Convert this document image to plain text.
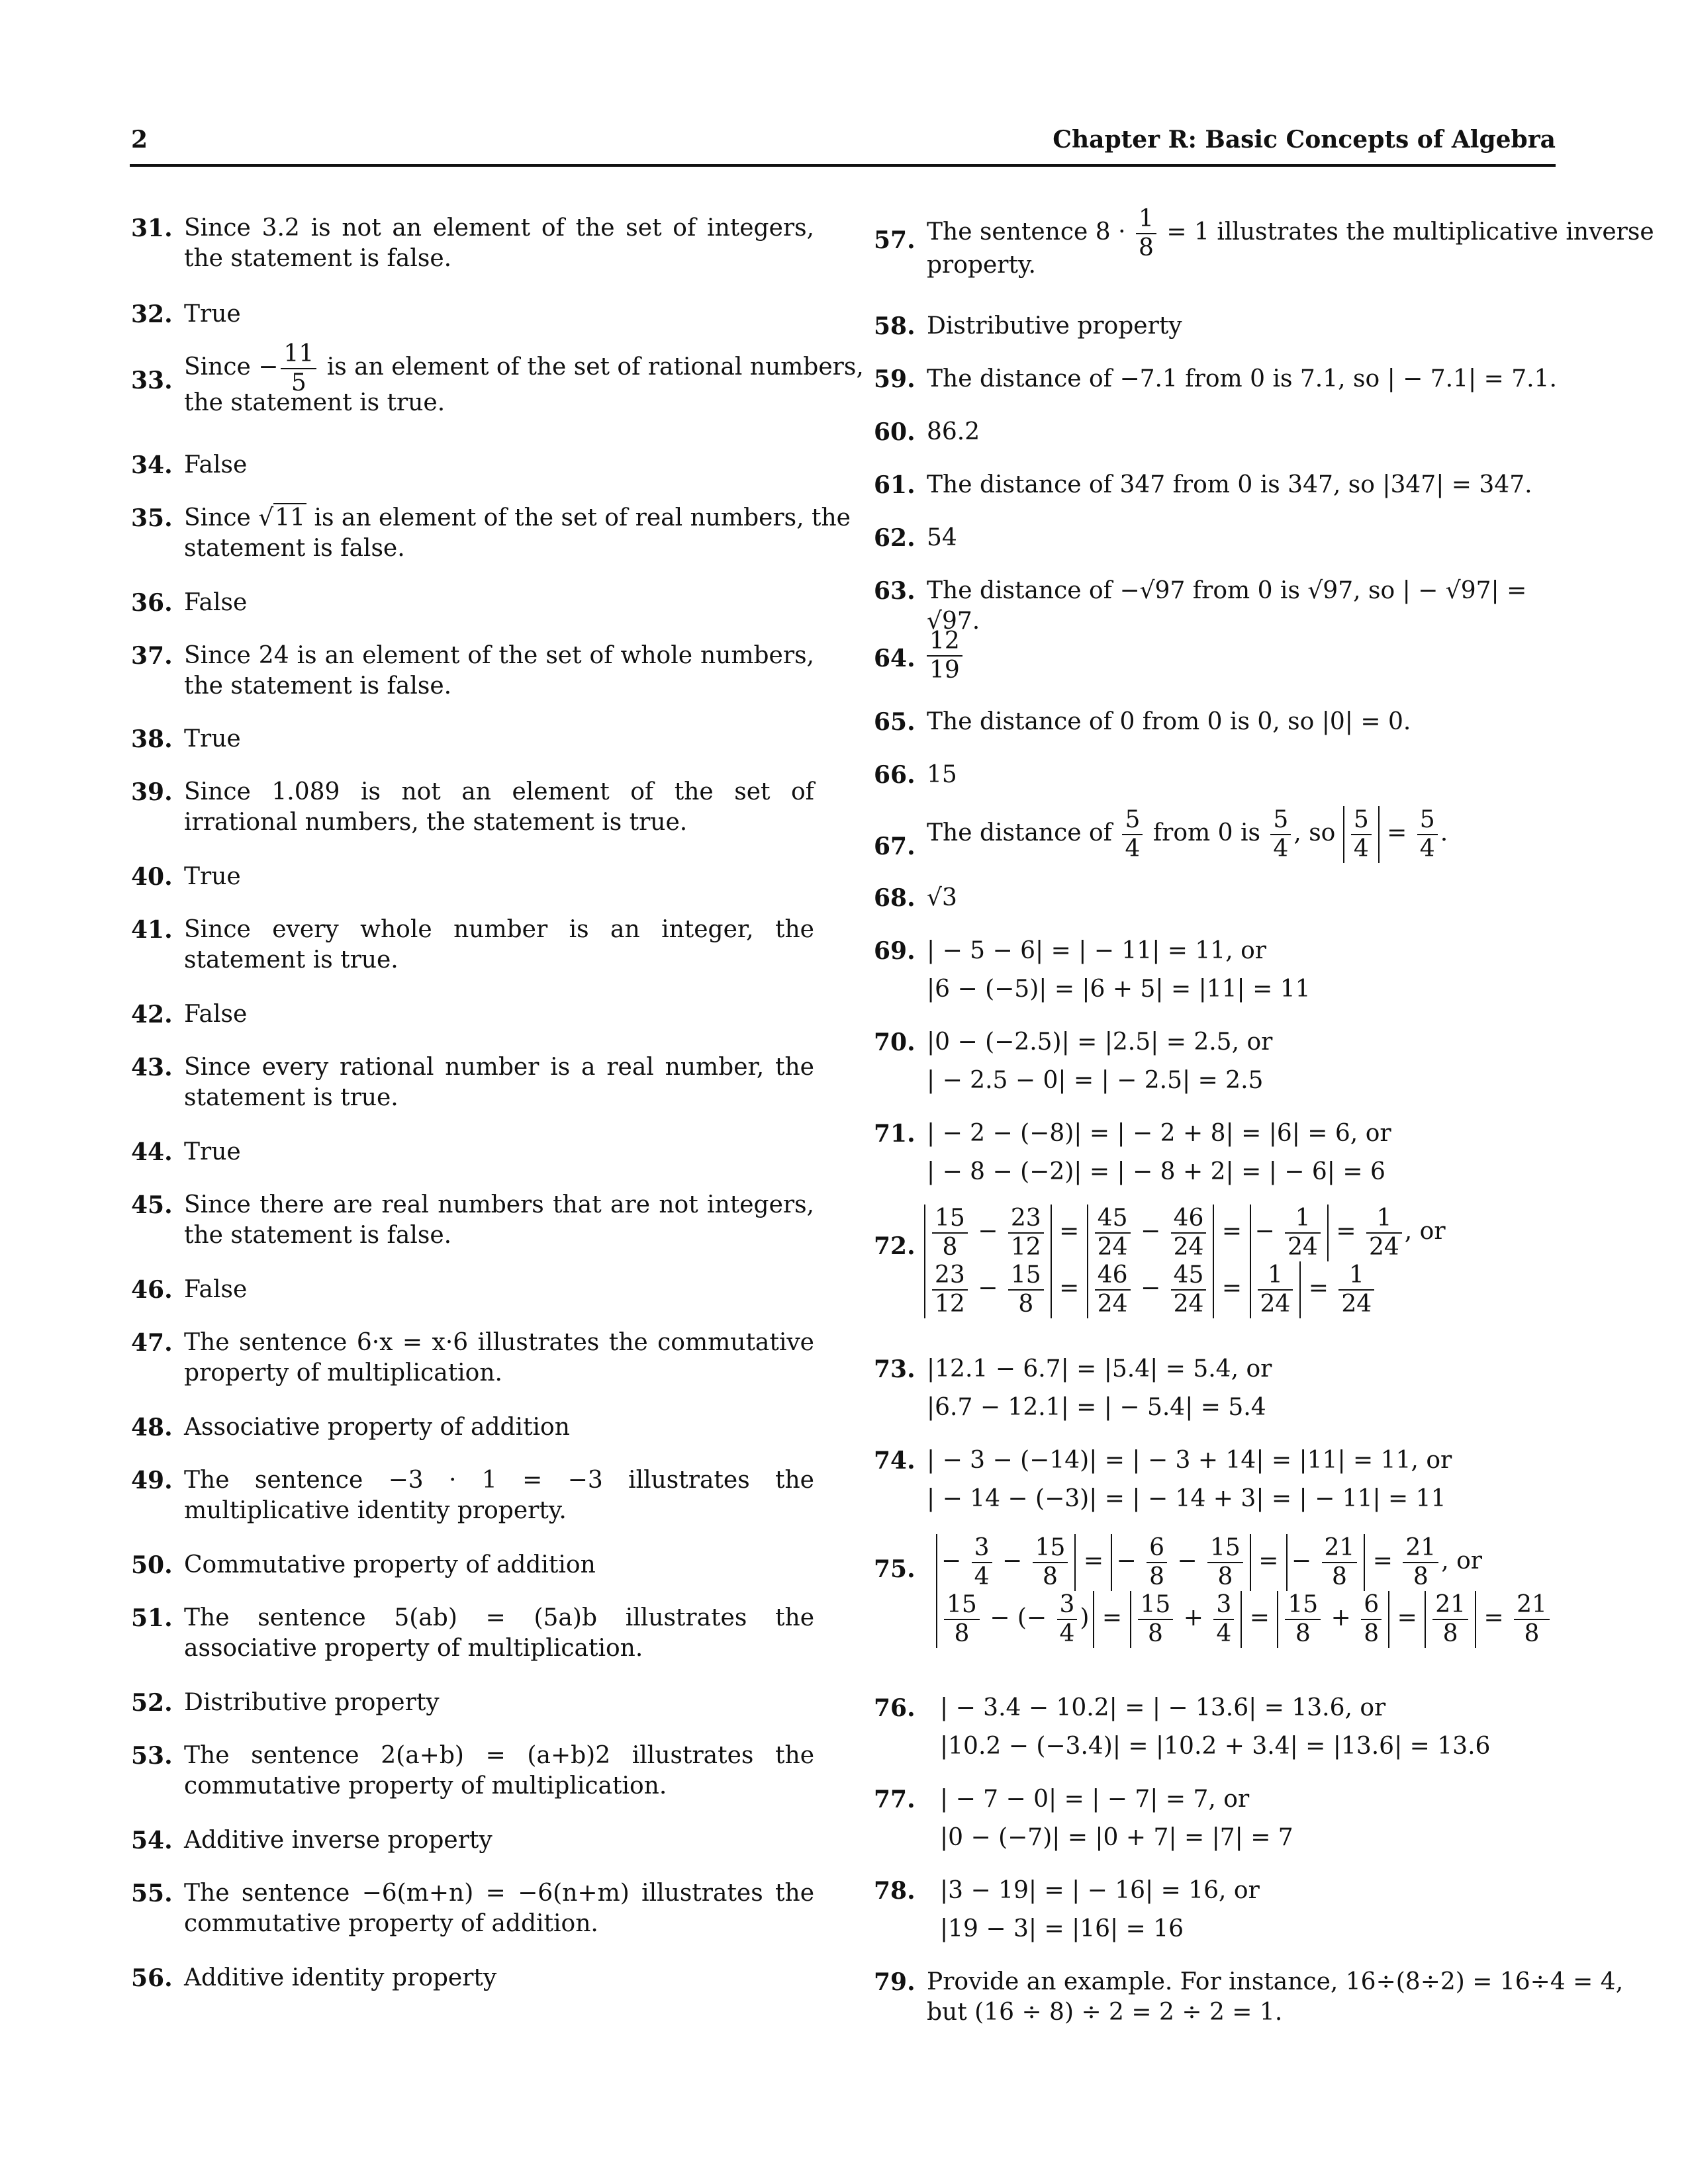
2	Chapter R: Basic Concepts of Algebra
31. Since 3.2 is not an element of the set of integers, the statement is false.
32. True
33. Since − $\frac{11}{5}$ is an element of the set of rational numbers,
the statement is true.
34. False
35. Since √11 is an element of the set of real numbers, the
statement is false.
36. False
37. Since 24 is an element of the set of whole numbers, the statement is false.
38. True
39. Since 1.089 is not an element of the set of irrational numbers, the statement is true.
40. True
41. Since every whole number is an integer, the statement is true.
42. False
43. Since every rational number is a real number, the statement is true.
44. True
45. Since there are real numbers that are not integers, the statement is false.
46. False
47. The sentence 6·x = x·6 illustrates the commutative property of multiplication.
48. Associative property of addition
49. The sentence −3 · 1 = −3 illustrates the multiplicative identity property.
50. Commutative property of addition
51. The sentence 5(ab) = (5a)b illustrates the associative property of multiplication.
52. Distributive property
53. The sentence 2(a+b) = (a+b)2 illustrates the commutative property of multiplication.
54. Additive inverse property
55. The sentence −6(m+n) = −6(n+m) illustrates the commutative property of addition.
56. Additive identity property
57. The sentence $8 \cdot \frac{1}{8} = 1$ illustrates the multiplicative inverse
property.
58. Distributive property
59. The distance of −7.1 from 0 is 7.1, so | − 7.1| = 7.1.
60. 86.2
61. The distance of 347 from 0 is 347, so |347| = 347.
62. 54
63. The distance of −√97 from 0 is √97, so | − √97| = √97.
64. $\frac{12}{19}$
65. The distance of 0 from 0 is 0, so |0| = 0.
66. 15
67. The distance of $\frac{5}{4}$ from 0 is $\frac{5}{4}$ , so $\frac{5}{4} = \frac{5}{4}$ .
68. √3
69. | − 5 − 6| = | − 11| = 11, or
|6 − (−5)| = |6 + 5| = |11| = 11
70. |0 − (−2.5)| = |2.5| = 2.5, or
| − 2.5 − 0| = | − 2.5| = 2.5
71. | − 2 − (−8)| = | − 2 + 8| = |6| = 6, or
| − 8 − (−2)| = | − 8 + 2| = | − 6| = 6
72. $\frac{15}{8} - \frac{23}{12} = \frac{45}{24} - \frac{46}{24}$ = − $\frac{1}{24} = \frac{1}{24}$ , or
$\frac{23}{12} - \frac{15}{8} = \frac{46}{24} - \frac{45}{24} = \frac{1}{24} = \frac{1}{24}$
73. |12.1 − 6.7| = |5.4| = 5.4, or
|6.7 − 12.1| = | − 5.4| = 5.4
74. | − 3 − (−14)| = | − 3 + 14| = |11| = 11, or
| − 14 − (−3)| = | − 14 + 3| = | − 11| = 11
75. − $\frac{3}{4} - \frac{15}{8}$ = − $\frac{6}{8} - \frac{15}{8}$ = − $\frac{21}{8} = \frac{21}{8}$ , or
$\frac{15}{8}$ − (− $\frac{3}{4}$ ) = $\frac{15}{8} + \frac{3}{4} = \frac{15}{8} + \frac{6}{8} = \frac{21}{8} = \frac{21}{8}$
76. | − 3.4 − 10.2| = | − 13.6| = 13.6, or
|10.2 − (−3.4)| = |10.2 + 3.4| = |13.6| = 13.6
77. | − 7 − 0| = | − 7| = 7, or
|0 − (−7)| = |0 + 7| = |7| = 7
78. |3 − 19| = | − 16| = 16, or
|19 − 3| = |16| = 16
79. Provide an example. For instance, 16÷(8÷2) = 16÷4 = 4,
but (16 ÷ 8) ÷ 2 = 2 ÷ 2 = 1.
